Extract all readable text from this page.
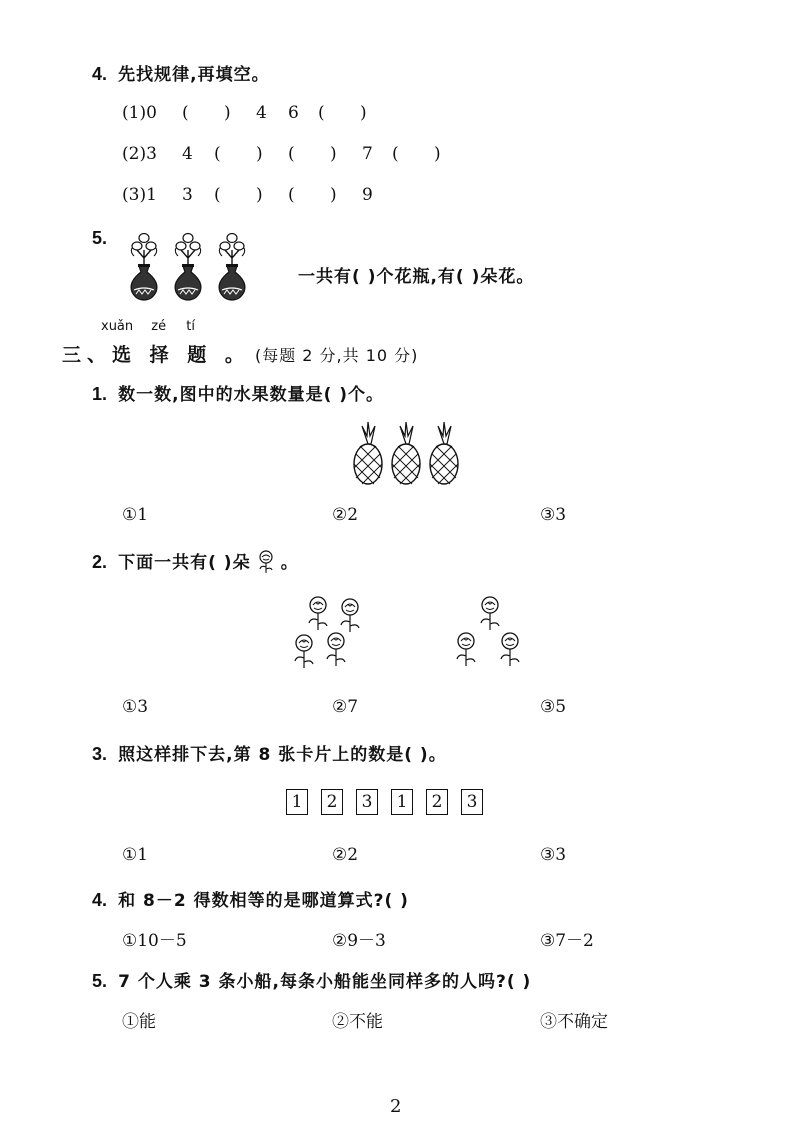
4. 先找规律,再填空。
(1)0	(	)	4	6	(	)
(2)3	4	(	)	(	)	7	(	)
(3)1	3	(	)	(	)	9
5.
一共有( )个花瓶,有( )朵花。
xuǎn zé tí
三、选 择 题 。 (每题 2 分,共 10 分)
1. 数一数,图中的水果数量是( )个。
①1	②2	③3
2. 下面一共有( )朵 。
①3	②7	③5
3. 照这样排下去,第 8 张卡片上的数是( )。
1	2	3	1	2	3
①1	②2	③3
4. 和 8－2 得数相等的是哪道算式?( )
①10－5	②9－3	③7－2
5. 7 个人乘 3 条小船,每条小船能坐同样多的人吗?( )
①能	②不能	③不确定
2
